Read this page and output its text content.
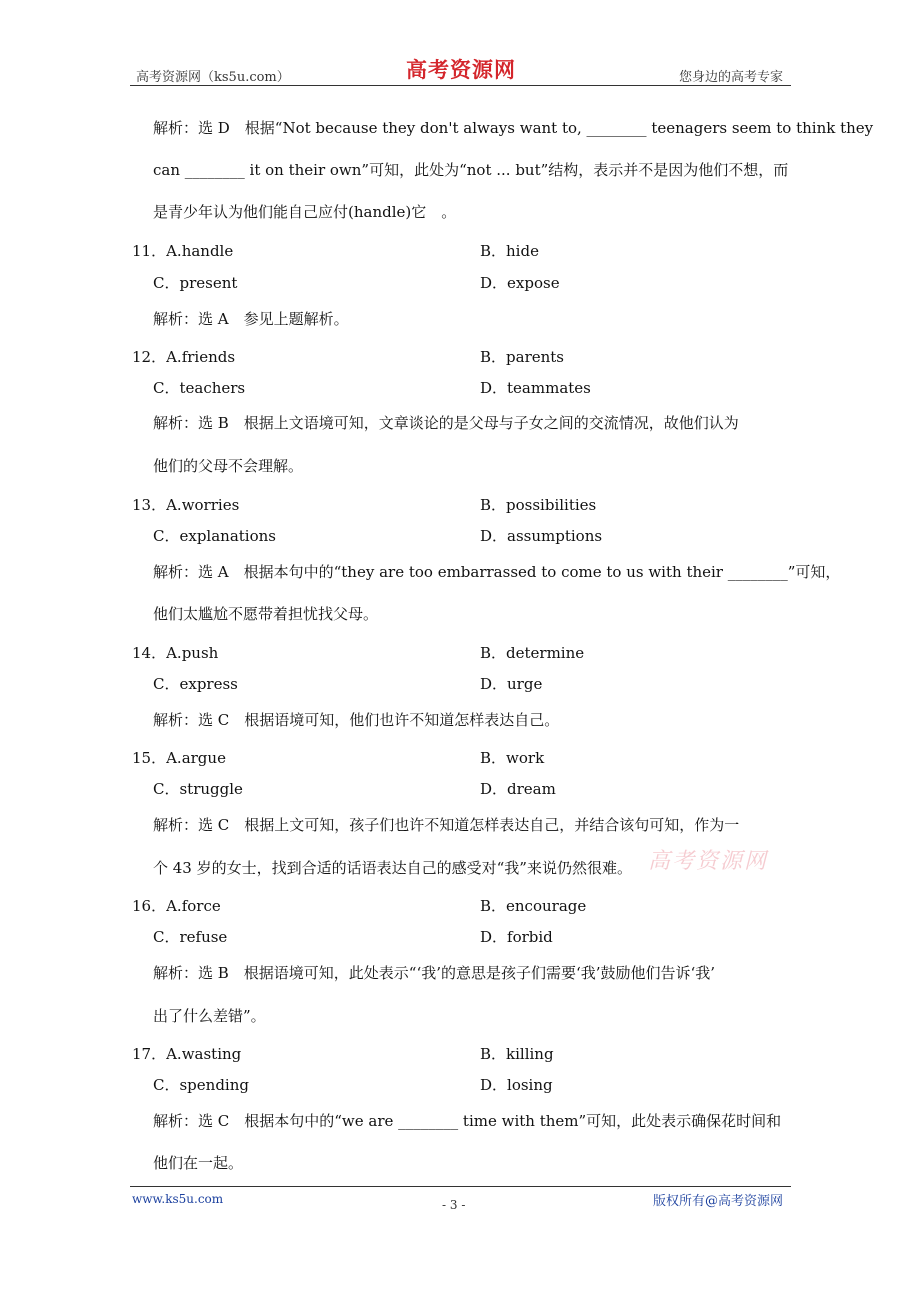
高考资源网（ks5u.com）	高考资源网	您身边的高考专家
解析：选 D　根据“Not because they don't always want to, ________ teenagers seem to think they
can ________ it on their own”可知，此处为“not ... but”结构，表示并不是因为他们不想，而
是青少年认为他们能自己应付(handle)它　。
11．A.handle	B．hide
C．present	D．expose
解析：选 A　参见上题解析。
12．A.friends	B．parents
C．teachers	D．teammates
解析：选 B　根据上文语境可知，文章谈论的是父母与子女之间的交流情况，故他们认为
他们的父母不会理解。
13．A.worries	B．possibilities
C．explanations	D．assumptions
解析：选 A　根据本句中的“they are too embarrassed to come to us with their ________”可知，
他们太尴尬不愿带着担忧找父母。
14．A.push	B．determine
C．express	D．urge
解析：选 C　根据语境可知，他们也许不知道怎样表达自己。
15．A.argue	B．work
C．struggle	D．dream
解析：选 C　根据上文可知，孩子们也许不知道怎样表达自己，并结合该句可知，作为一
个 43 岁的女士，找到合适的话语表达自己的感受对“我”来说仍然很难。
16．A.force	B．encourage
C．refuse	D．forbid
解析：选 B　根据语境可知，此处表示“‘我’的意思是孩子们需要‘我’鼓励他们告诉‘我’
出了什么差错”。
17．A.wasting	B．killing
C．spending	D．losing
解析：选 C　根据本句中的“we are ________ time with them”可知，此处表示确保花时间和
他们在一起。
高考资源网
www.ks5u.com	- 3 -	版权所有@高考资源网
